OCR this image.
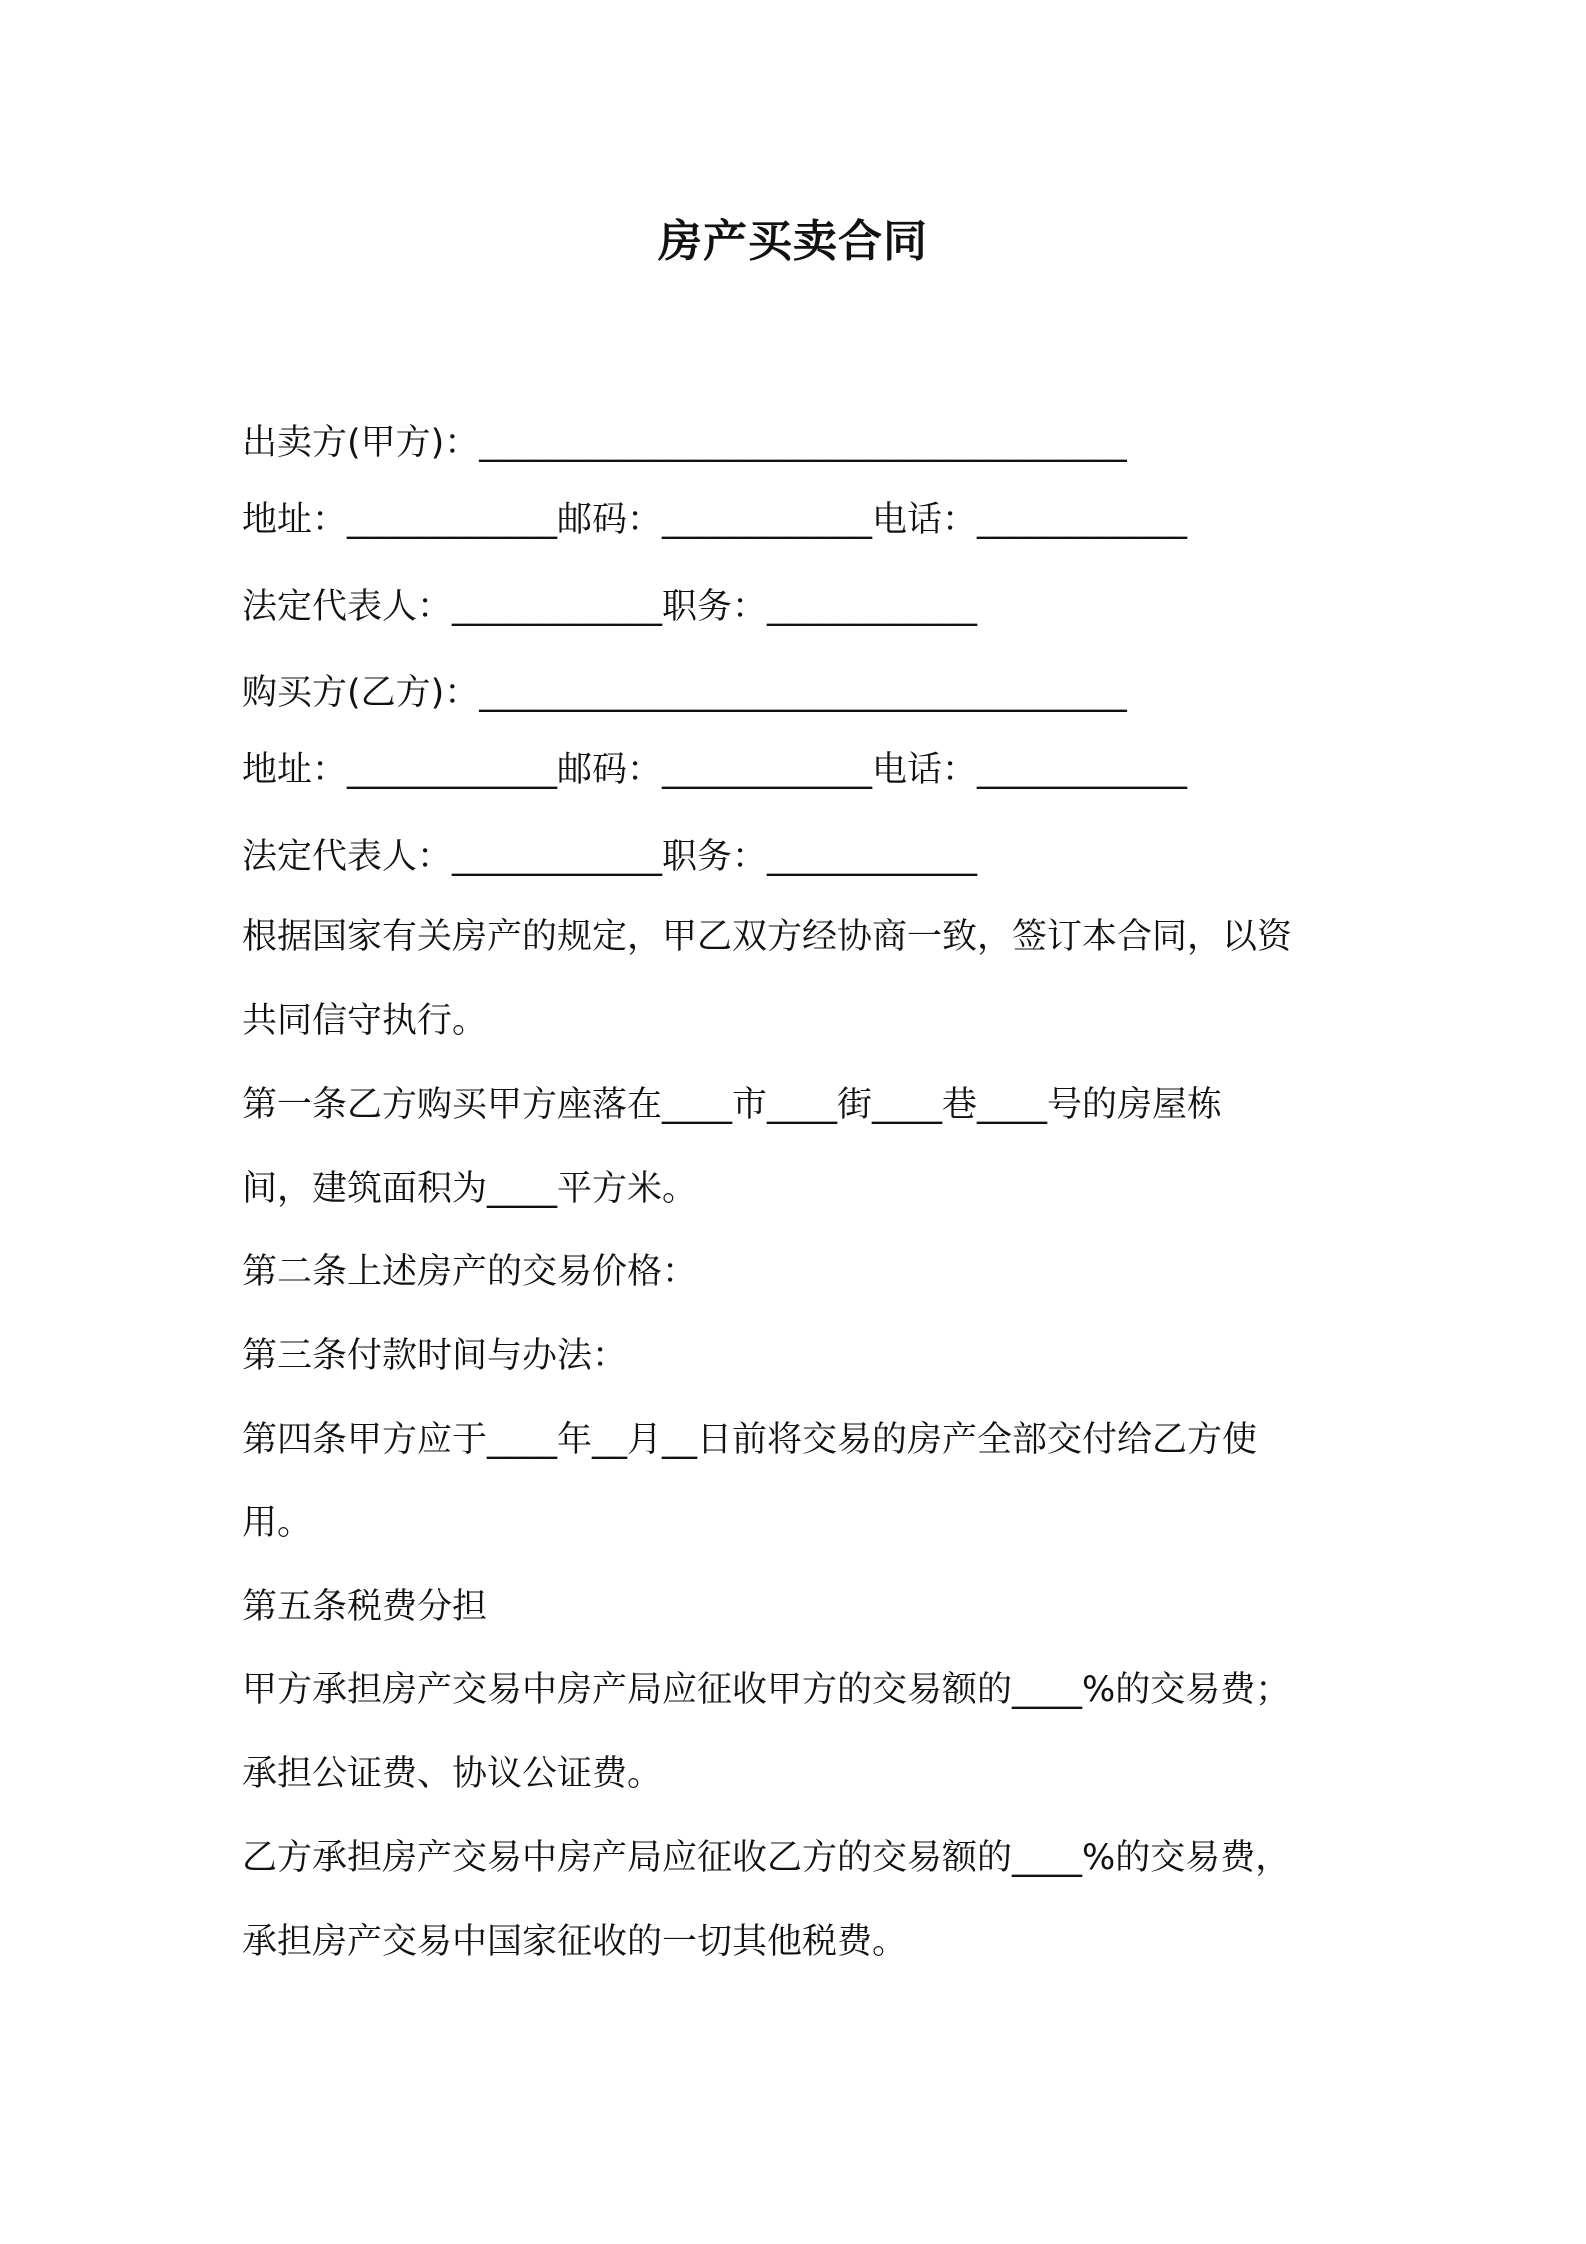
房产买卖合同
出卖方(甲方)：_____________________________________
地址：____________邮码：____________电话：____________
法定代表人：____________职务：____________
购买方(乙方)：_____________________________________
地址：____________邮码：____________电话：____________
法定代表人：____________职务：____________
根据国家有关房产的规定，甲乙双方经协商一致，签订本合同，以资
共同信守执行。
第一条乙方购买甲方座落在____市____街____巷____号的房屋栋
间，建筑面积为____平方米。
第二条上述房产的交易价格：
第三条付款时间与办法：
第四条甲方应于____年__月__日前将交易的房产全部交付给乙方使
用。
第五条税费分担
甲方承担房产交易中房产局应征收甲方的交易额的____%的交易费；
承担公证费、协议公证费。
乙方承担房产交易中房产局应征收乙方的交易额的____%的交易费，
承担房产交易中国家征收的一切其他税费。
